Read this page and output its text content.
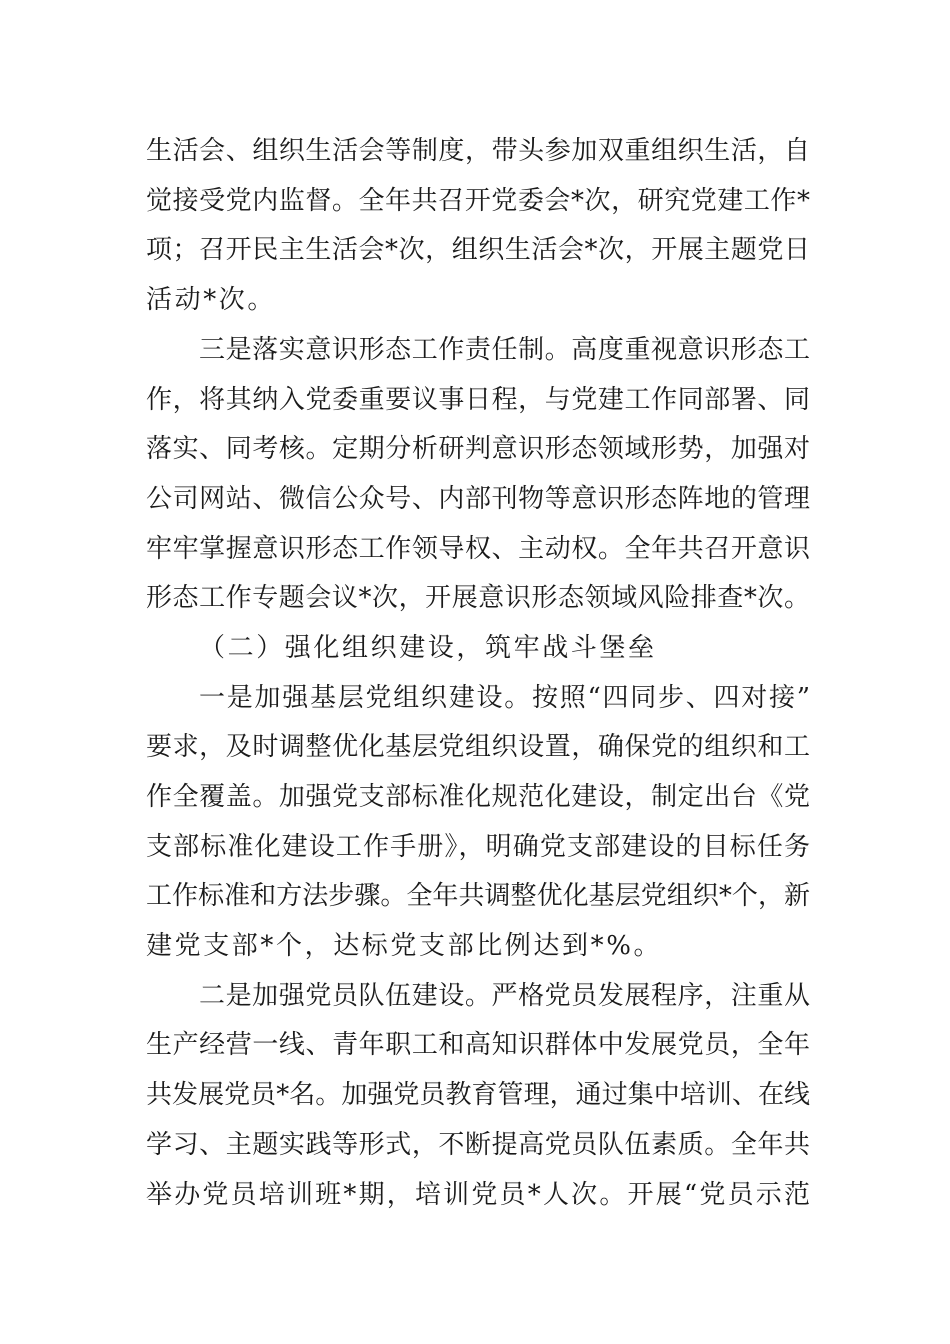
生活会、组织生活会等制度，带头参加双重组织生活，自
觉接受党内监督。全年共召开党委会*次，研究党建工作*
项；召开民主生活会*次，组织生活会*次，开展主题党日
活动*次。
三是落实意识形态工作责任制。高度重视意识形态工
作，将其纳入党委重要议事日程，与党建工作同部署、同
落实、同考核。定期分析研判意识形态领域形势，加强对
公司网站、微信公众号、内部刊物等意识形态阵地的管理
牢牢掌握意识形态工作领导权、主动权。全年共召开意识
形态工作专题会议*次，开展意识形态领域风险排查*次。
（二）强化组织建设，筑牢战斗堡垒
一是加强基层党组织建设。按照“四同步、四对接”
要求，及时调整优化基层党组织设置，确保党的组织和工
作全覆盖。加强党支部标准化规范化建设，制定出台《党
支部标准化建设工作手册》，明确党支部建设的目标任务
工作标准和方法步骤。全年共调整优化基层党组织*个，新
建党支部*个，达标党支部比例达到*%。
二是加强党员队伍建设。严格党员发展程序，注重从
生产经营一线、青年职工和高知识群体中发展党员，全年
共发展党员*名。加强党员教育管理，通过集中培训、在线
学习、主题实践等形式，不断提高党员队伍素质。全年共
举办党员培训班*期，培训党员*人次。开展“党员示范
